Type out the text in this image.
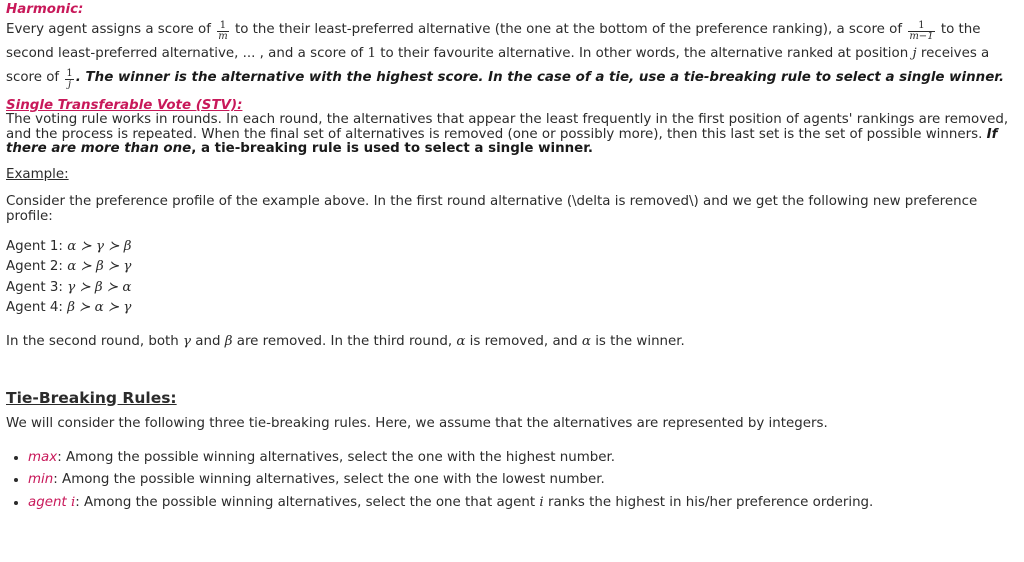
Harmonic:

Every agent assigns a score of $\frac{1}{m}$ to the their least-preferred alternative (the one at the bottom of the preference ranking), a score of $\frac{1}{m-1}$ to the second least-preferred alternative, ... , and a score of 1 to their favourite alternative. In other words, the alternative ranked at position j receives a score of $\frac{1}{j}$ . The winner is the alternative with the highest score. In the case of a tie, use a tie-breaking rule to select a single winner.

Single Transferable Vote (STV):

The voting rule works in rounds. In each round, the alternatives that appear the least frequently in the first position of agents' rankings are removed, and the process is repeated. When the final set of alternatives is removed (one or possibly more), then this last set is the set of possible winners. If there are more than one, a tie-breaking rule is used to select a single winner.

Example:

Consider the preference profile of the example above. In the first round alternative (\delta is removed\) and we get the following new preference profile:

Agent 1: α ≻ γ ≻ β
Agent 2: α ≻ β ≻ γ
Agent 3: γ ≻ β ≻ α
Agent 4: β ≻ α ≻ γ

In the second round, both γ and β are removed. In the third round, α is removed, and α is the winner.

Tie-Breaking Rules:

We will consider the following three tie-breaking rules. Here, we assume that the alternatives are represented by integers.

• max: Among the possible winning alternatives, select the one with the highest number.
• min: Among the possible winning alternatives, select the one with the lowest number.
• agent i: Among the possible winning alternatives, select the one that agent i ranks the highest in his/her preference ordering.
